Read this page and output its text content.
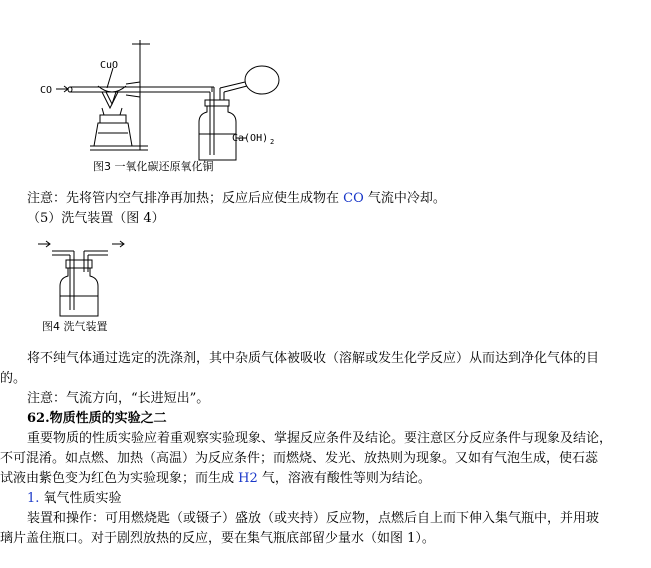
CO
CuO
Ca(OH) 2
图3 一氧化碳还原氧化铜
图4 洗气装置
注意：先将管内空气排净再加热；反应后应使生成物在 CO 气流中冷却。
（5）洗气装置（图 4）
将不纯气体通过选定的洗涤剂，其中杂质气体被吸收（溶解或发生化学反应）从而达到净化气体的目
的。
注意：气流方向，“长进短出”。
62.物质性质的实验之二
重要物质的性质实验应着重观察实验现象、掌握反应条件及结论。要注意区分反应条件与现象及结论，
不可混淆。如点燃、加热（高温）为反应条件；而燃烧、发光、放热则为现象。又如有气泡生成，使石蕊
试液由紫色变为红色为实验现象；而生成 H2 气，溶液有酸性等则为结论。
1. 氧气性质实验
装置和操作：可用燃烧匙（或镊子）盛放（或夹持）反应物，点燃后自上而下伸入集气瓶中，并用玻
璃片盖住瓶口。对于剧烈放热的反应，要在集气瓶底部留少量水（如图 1）。
